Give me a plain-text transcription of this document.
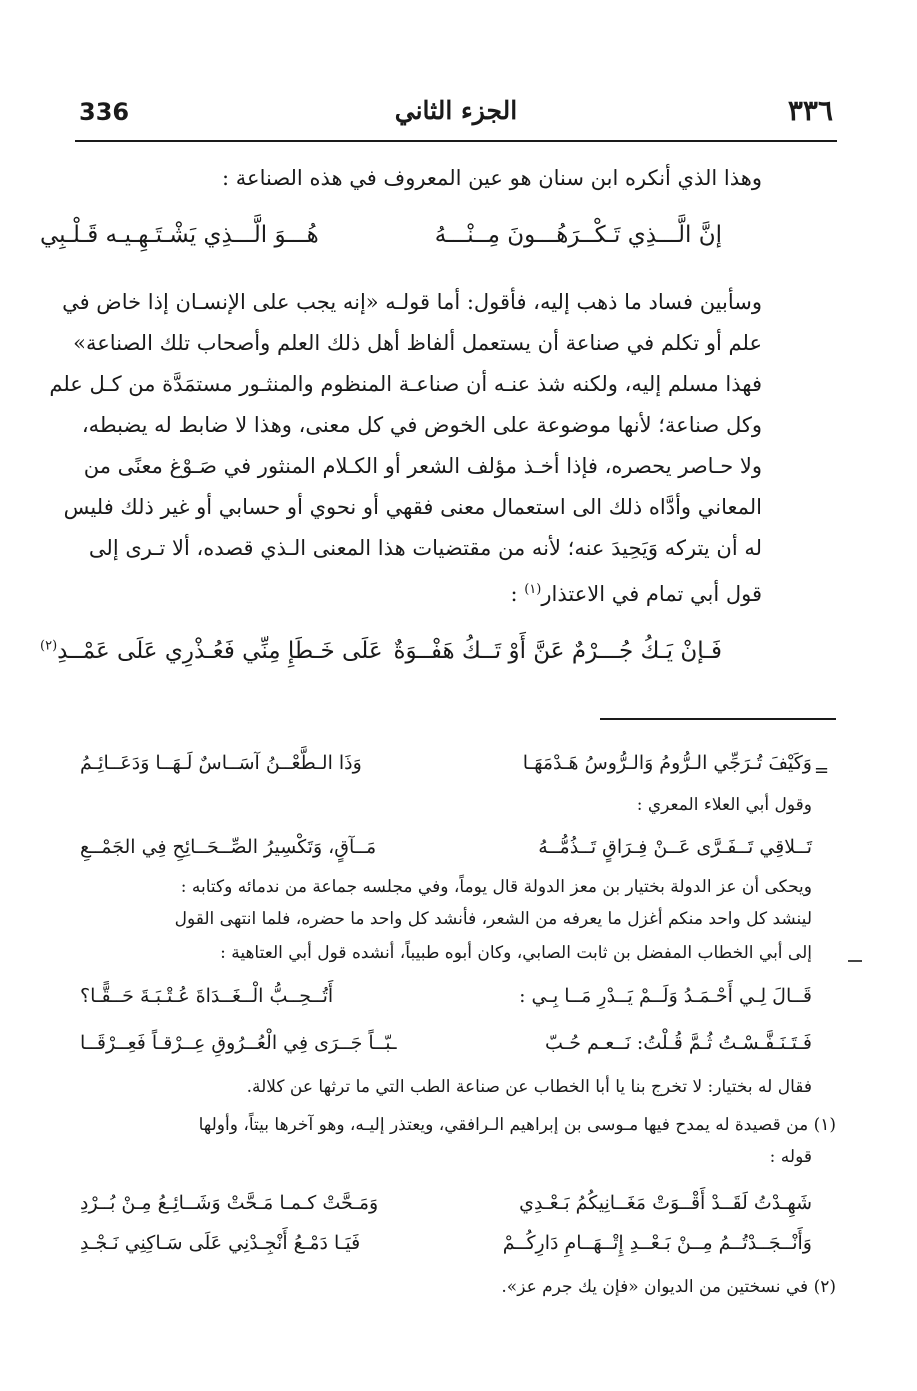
336	الجزء الثاني	٣٣٦
وهذا الذي أنكره ابن سنان هو عين المعروف في هذه الصناعة :
إنَّ الَّـــذِي تَـكْــرَهُـــونَ مِــنْـــهُ
هُـــوَ الَّـــذِي يَشْـتَـهِـيـه قَـلْـبِي
وسأبين فساد ما ذهب إليه، فأقول: أما قولـه «إنه يجب على الإنسـان إذا خاض في
علم أو تكلم في صناعة أن يستعمل ألفاظ أهل ذلك العلم وأصحاب تلك الصناعة»
فهذا مسلم إليه، ولكنه شذ عنـه أن صناعـة المنظوم والمنثـور مستمَدَّة من كـل علم
وكل صناعة؛ لأنها موضوعة على الخوض في كل معنى، وهذا لا ضابط له يضبطه،
ولا حـاصر يحصره، فإذا أخـذ مؤلف الشعر أو الكـلام المنثور في صَـوْغ معنًى من
المعاني وأدَّاه ذلك الى استعمال معنى فقهي أو نحوي أو حسابي أو غير ذلك فليس
له أن يتركه وَيَحِيدَ عنه؛ لأنه من مقتضيات هذا المعنى الـذي قصده، ألا تـرى إلى
قول أبي تمام في الاعتذار$^{(١)}$ :
فَـإنْ يَـكُ جُـــرْمٌ عَنَّ أَوْ تَــكُ هَفْــوَةٌ
عَلَى خَـطَإِ مِنِّي فَعُـذْرِي عَلَى عَمْــدِ$^{(٢)}$
=
وَكَيْفَ تُـرَجِّي الـرُّومُ وَالـرُّوسُ هَـدْمَهَـا
وَذَا الـطَّعْــنُ آسَــاسٌ لَـهَــا وَدَعَــائِـمُ
وقول أبي العلاء المعري :
تَــلاقِي تَــفَـرَّى عَــنْ فِـرَاقٍ تَــذُمُّــهُ
مَــآقٍ، وَتَكْسِيرُ الصِّــحَــائِحِ فِي الجَمْــعِ
ويحكى أن عز الدولة بختيار بن معز الدولة قال يوماً، وفي مجلسه جماعة من ندمائه وكتابه :
لينشد كل واحد منكم أغزل ما يعرفه من الشعر، فأنشد كل واحد ما حضره، فلما انتهى القول
إلى أبي الخطاب المفضل بن ثابت الصابي، وكان أبوه طبيباً، أنشده قول أبي العتاهية :
قَــالَ لِـي أَحْـمَـدُ وَلَــمْ يَــدْرِ مَــا بِـي :
أَتُــحِــبُّ الْــغَــدَاةَ عُـتْـبَـةَ حَــقًّـا؟
فَـتَـنَـفَّـسْـتُ ثُـمَّ قُـلْتُ: نَــعـم حُـبّ
ـبّــاً جَــرَى فِي الْعُــرُوقِ عِــرْقـاً فَعِــرْقَــا
فقال له بختيار: لا تخرج بنا يا أبا الخطاب عن صناعة الطب التي ما ترثها عن كلالة.
(١) من قصيدة له يمدح فيها مـوسى بن إبراهيم الـرافقي، ويعتذر إليـه، وهو آخرها بيتاً، وأولها
قوله :
شَهِـدْتُ لَقَــدْ أَقْــوَتْ مَغَــانِيكُمُ بَـعْـدِي
وَمَـحَّتْ كـمـا مَـحَّتْ وَشَــائِـعُ مِـنْ بُــرْدِ
وَأَنْــجَــدْتُــمُ مِــنْ بَـعْــدِ إِتْــهَــامِ دَارِكُــمْ
فَيَـا دَمْـعُ أَنْجِـدْنِي عَلَى سَـاكِنِي نَـجْـدِ
(٢) في نسختين من الديوان «فإن يك جرم عز».
